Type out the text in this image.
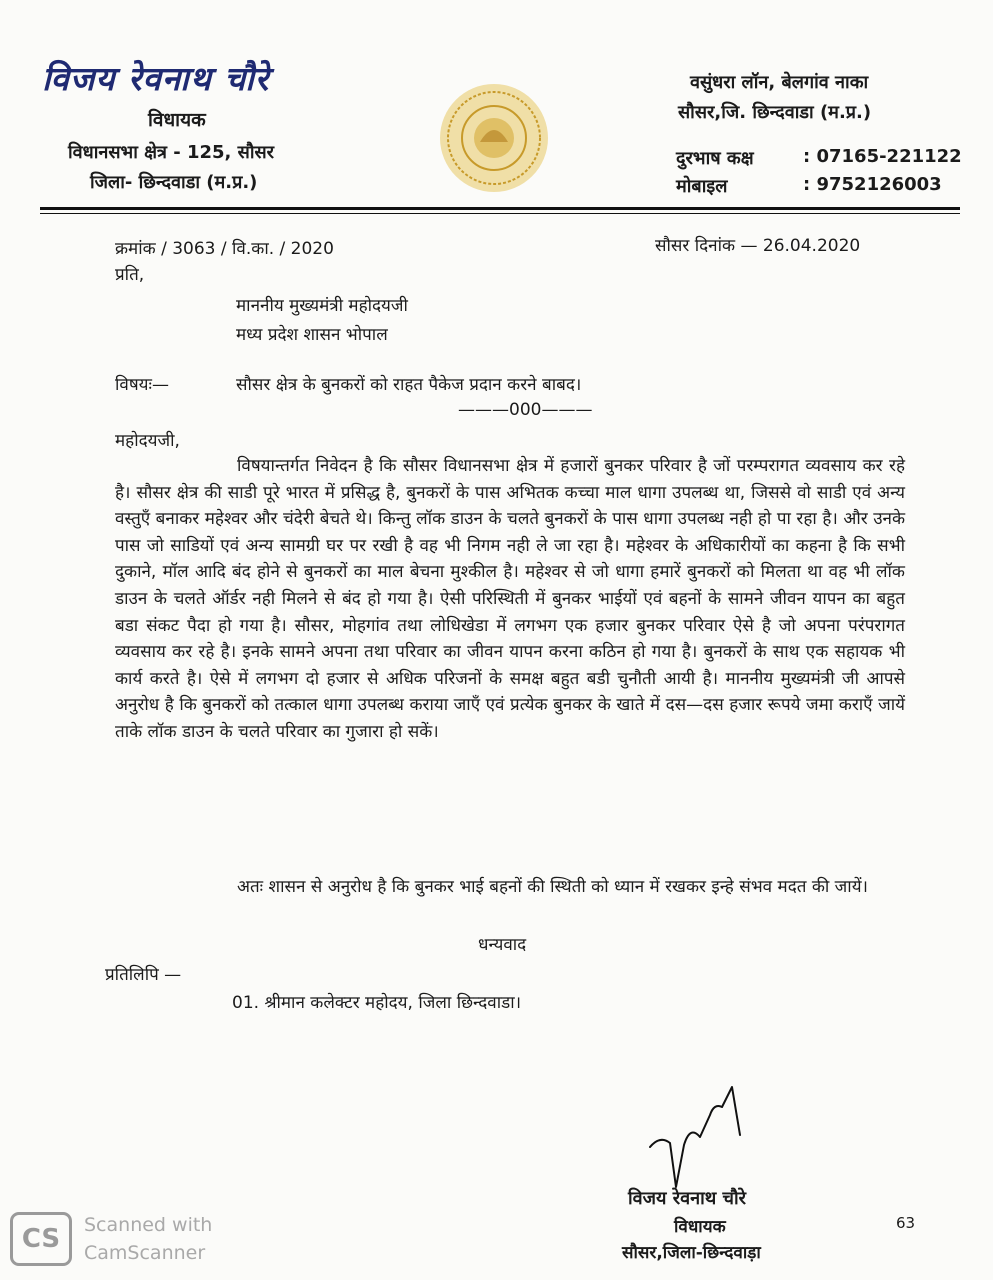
विजय रेवनाथ चौरे
विधायक
विधानसभा क्षेत्र - 125, सौसर
जिला- छिन्दवाडा (म.प्र.)
वसुंधरा लॉन, बेलगांव नाका
सौसर,जि. छिन्दवाडा (म.प्र.)
दुरभाष कक्ष	: 07165-221122
मोबाइल	: 9752126003
क्रमांक / 3063 / वि.का. / 2020	सौसर दिनांक — 26.04.2020
प्रति,
माननीय मुख्यमंत्री महोदयजी
मध्य प्रदेश शासन भोपाल
विषयः—	सौसर क्षेत्र के बुनकरों को राहत पैकेज प्रदान करने बाबद।
———000———
महोदयजी,
विषयान्तर्गत निवेदन है कि सौसर विधानसभा क्षेत्र में हजारों बुनकर परिवार है जों परम्परागत व्यवसाय कर रहे है। सौसर क्षेत्र की साडी पूरे भारत में प्रसिद्ध है, बुनकरों के पास अभितक कच्चा माल धागा उपलब्ध था, जिससे वो साडी एवं अन्य वस्तुएँ बनाकर महेश्वर और चंदेरी बेचते थे। किन्तु लॉक डाउन के चलते बुनकरों के पास धागा उपलब्ध नही हो पा रहा है। और उनके पास जो साडियों एवं अन्य सामग्री घर पर रखी है वह भी निगम नही ले जा रहा है। महेश्वर के अधिकारीयों का कहना है कि सभी दुकाने, मॉल आदि बंद होने से बुनकरों का माल बेचना मुश्कील है। महेश्वर से जो धागा हमारें बुनकरों को मिलता था वह भी लॉक डाउन के चलते ऑर्डर नही मिलने से बंद हो गया है। ऐसी परिस्थिती में बुनकर भाईयों एवं बहनों के सामने जीवन यापन का बहुत बडा संकट पैदा हो गया है। सौसर, मोहगांव तथा लोधिखेडा में लगभग एक हजार बुनकर परिवार ऐसे है जो अपना परंपरागत व्यवसाय कर रहे है। इनके सामने अपना तथा परिवार का जीवन यापन करना कठिन हो गया है। बुनकरों के साथ एक सहायक भी कार्य करते है। ऐसे में लगभग दो हजार से अधिक परिजनों के समक्ष बहुत बडी चुनौती आयी है। माननीय मुख्यमंत्री जी आपसे अनुरोध है कि बुनकरों को तत्काल धागा उपलब्ध कराया जाएँ एवं प्रत्येक बुनकर के खाते में दस—दस हजार रूपये जमा कराएँ जायें ताके लॉक डाउन के चलते परिवार का गुजारा हो सकें।
अतः शासन से अनुरोध है कि बुनकर भाई बहनों की स्थिती को ध्यान में रखकर इन्हे संभव मदत की जायें।
धन्यवाद
प्रतिलिपि —
01. श्रीमान कलेक्टर महोदय, जिला छिन्दवाडा।
विजय रेवनाथ चौरे
विधायक
सौसर,जिला-छिन्दवाड़ा
63
CS	Scanned with
CamScanner
